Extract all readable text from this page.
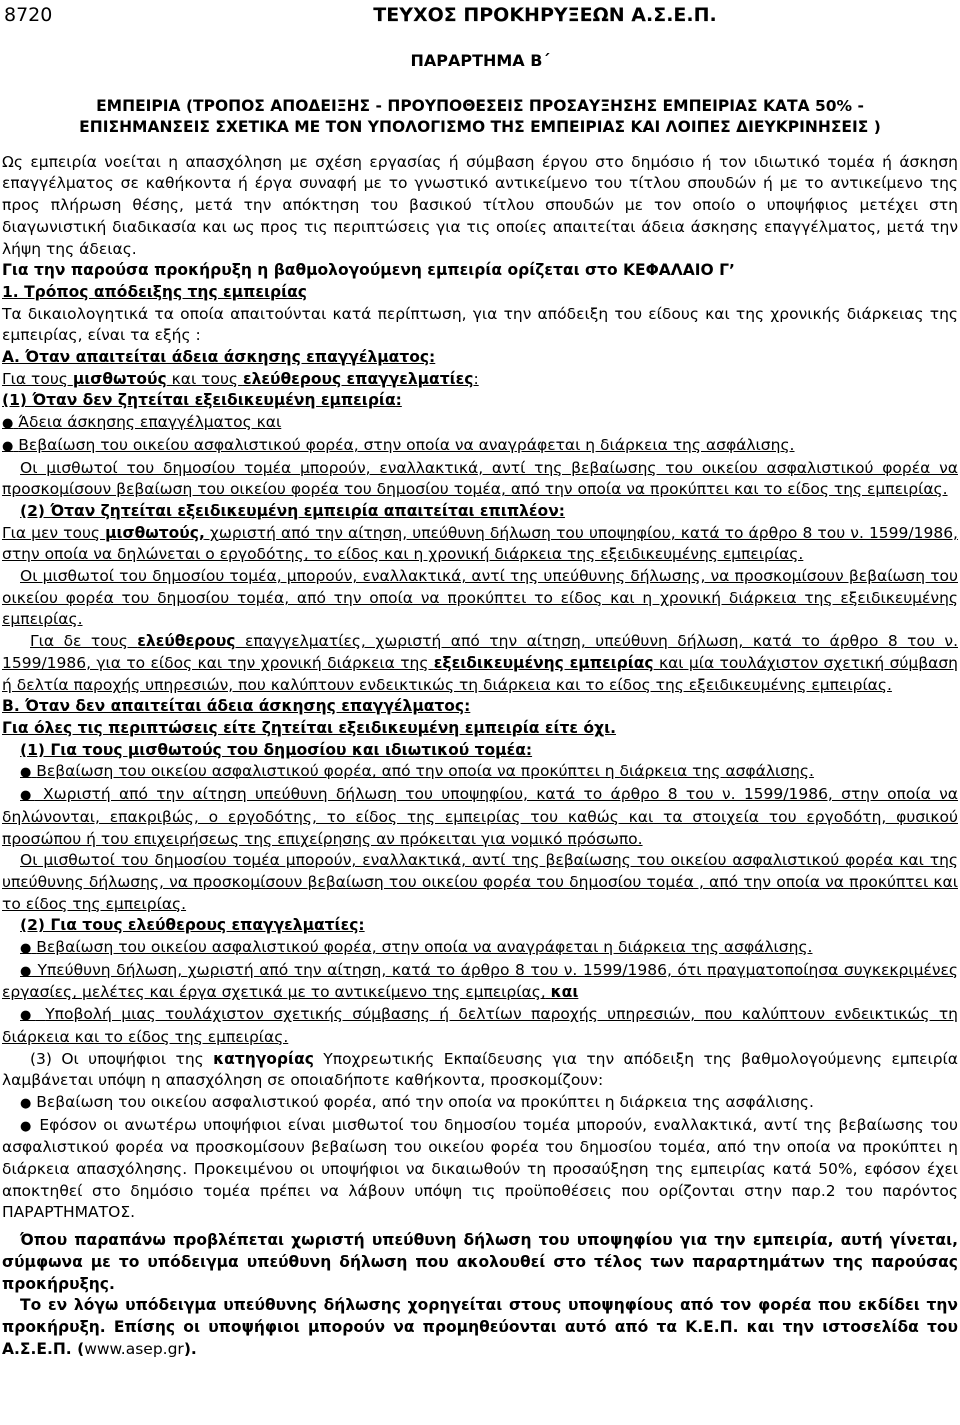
8720	ΤΕΥΧΟΣ ΠΡΟΚΗΡΥΞΕΩΝ Α.Σ.Ε.Π.
ΠΑΡΑΡΤΗΜΑ Β΄
ΕΜΠΕΙΡΙΑ (ΤΡΟΠΟΣ ΑΠΟΔΕΙΞΗΣ - ΠΡΟΥΠΟΘΕΣΕΙΣ ΠΡΟΣΑΥΞΗΣΗΣ ΕΜΠΕΙΡΙΑΣ ΚΑΤΑ 50% -
ΕΠΙΣΗΜΑΝΣΕΙΣ ΣΧΕΤΙΚΑ ΜΕ ΤΟΝ ΥΠΟΛΟΓΙΣΜΟ ΤΗΣ ΕΜΠΕΙΡΙΑΣ ΚΑΙ ΛΟΙΠΕΣ ΔΙΕΥΚΡΙΝΗΣΕΙΣ )

Ως εμπειρία νοείται η απασχόληση με σχέση εργασίας ή σύμβαση έργου στο δημόσιο ή τον ιδιωτικό τομέα ή άσκηση επαγγέλματος σε καθήκοντα ή έργα συναφή με το γνωστικό αντικείμενο του τίτλου σπουδών ή με το αντικείμενο της προς πλήρωση θέσης, μετά την απόκτηση του βασικού τίτλου σπουδών με τον οποίο ο υποψήφιος μετέχει στη διαγωνιστική διαδικασία και ως προς τις περιπτώσεις για τις οποίες απαιτείται άδεια άσκησης επαγγέλματος, μετά την λήψη της άδειας.

Για την παρούσα προκήρυξη η βαθμολογούμενη εμπειρία ορίζεται στο ΚΕΦΑΛΑΙΟ Γ’

1. Τρόπος απόδειξης της εμπειρίας

Τα δικαιολογητικά τα οποία απαιτούνται κατά περίπτωση, για την απόδειξη του είδους και της χρονικής διάρκειας της εμπειρίας, είναι τα εξής :

Α. Όταν απαιτείται άδεια άσκησης επαγγέλματος:

Για τους μισθωτούς και τους ελεύθερους επαγγελματίες:

(1) Όταν δεν ζητείται εξειδικευμένη εμπειρία:

● Άδεια άσκησης επαγγέλματος και

● Βεβαίωση του οικείου ασφαλιστικού φορέα, στην οποία να αναγράφεται η διάρκεια της ασφάλισης.

Οι μισθωτοί του δημοσίου τομέα μπορούν, εναλλακτικά, αντί της βεβαίωσης του οικείου ασφαλιστικού φορέα να προσκομίσουν βεβαίωση του οικείου φορέα του δημοσίου τομέα, από την οποία να προκύπτει και το είδος της εμπειρίας.

(2) Όταν ζητείται εξειδικευμένη εμπειρία απαιτείται επιπλέον:

Για μεν τους μισθωτούς, χωριστή από την αίτηση, υπεύθυνη δήλωση του υποψηφίου, κατά το άρθρο 8 του ν. 1599/1986, στην οποία να δηλώνεται ο εργοδότης, το είδος και η χρονική διάρκεια της εξειδικευμένης εμπειρίας.

Οι μισθωτοί του δημοσίου τομέα, μπορούν, εναλλακτικά, αντί της υπεύθυνης δήλωσης, να προσκομίσουν βεβαίωση του οικείου φορέα του δημοσίου τομέα, από την οποία να προκύπτει το είδος και η χρονική διάρκεια της εξειδικευμένης εμπειρίας.

Για δε τους ελεύθερους επαγγελματίες, χωριστή από την αίτηση, υπεύθυνη δήλωση, κατά το άρθρο 8 του ν. 1599/1986, για το είδος και την χρονική διάρκεια της εξειδικευμένης εμπειρίας και μία τουλάχιστον σχετική σύμβαση ή δελτία παροχής υπηρεσιών, που καλύπτουν ενδεικτικώς τη διάρκεια και το είδος της εξειδικευμένης εμπειρίας.

Β. Όταν δεν απαιτείται άδεια άσκησης επαγγέλματος:

Για όλες τις περιπτώσεις είτε ζητείται εξειδικευμένη εμπειρία είτε όχι.

(1) Για τους μισθωτούς του δημοσίου και ιδιωτικού τομέα:

● Βεβαίωση του οικείου ασφαλιστικού φορέα, από την οποία να προκύπτει η διάρκεια της ασφάλισης.

● Χωριστή από την αίτηση υπεύθυνη δήλωση του υποψηφίου, κατά το άρθρο 8 του ν. 1599/1986, στην οποία να δηλώνονται, επακριβώς, ο εργοδότης, το είδος της εμπειρίας του καθώς και τα στοιχεία του εργοδότη, φυσικού προσώπου ή του επιχειρήσεως της επιχείρησης αν πρόκειται για νομικό πρόσωπο.

Οι μισθωτοί του δημοσίου τομέα μπορούν, εναλλακτικά, αντί της βεβαίωσης του οικείου ασφαλιστικού φορέα και της υπεύθυνης δήλωσης, να προσκομίσουν βεβαίωση του οικείου φορέα του δημοσίου τομέα , από την οποία να προκύπτει και το είδος της εμπειρίας.

(2) Για τους ελεύθερους επαγγελματίες:

● Βεβαίωση του οικείου ασφαλιστικού φορέα, στην οποία να αναγράφεται η διάρκεια της ασφάλισης.

● Υπεύθυνη δήλωση, χωριστή από την αίτηση, κατά το άρθρο 8 του ν. 1599/1986, ότι πραγματοποίησα συγκεκριμένες εργασίες, μελέτες και έργα σχετικά με το αντικείμενο της εμπειρίας, και

● Υποβολή μιας τουλάχιστον σχετικής σύμβασης ή δελτίων παροχής υπηρεσιών, που καλύπτουν ενδεικτικώς τη διάρκεια και το είδος της εμπειρίας.

(3) Οι υποψήφιοι της κατηγορίας Υποχρεωτικής Εκπαίδευσης για την απόδειξη της βαθμολογούμενης εμπειρία λαμβάνεται υπόψη η απασχόληση σε οποιαδήποτε καθήκοντα, προσκομίζουν:

● Βεβαίωση του οικείου ασφαλιστικού φορέα, από την οποία να προκύπτει η διάρκεια της ασφάλισης.

● Εφόσον οι ανωτέρω υποψήφιοι είναι μισθωτοί του δημοσίου τομέα μπορούν, εναλλακτικά, αντί της βεβαίωσης του ασφαλιστικού φορέα να προσκομίσουν βεβαίωση του οικείου φορέα του δημοσίου τομέα, από την οποία να προκύπτει η διάρκεια απασχόλησης. Προκειμένου οι υποψήφιοι να δικαιωθούν τη προσαύξηση της εμπειρίας κατά 50%, εφόσον έχει αποκτηθεί στο δημόσιο τομέα πρέπει να λάβουν υπόψη τις προϋποθέσεις που ορίζονται στην παρ.2 του παρόντος ΠΑΡΑΡΤΗΜΑΤΟΣ.

Όπου παραπάνω προβλέπεται χωριστή υπεύθυνη δήλωση του υποψηφίου για την εμπειρία, αυτή γίνεται, σύμφωνα με το υπόδειγμα υπεύθυνη δήλωση που ακολουθεί στο τέλος των παραρτημάτων της παρούσας προκήρυξης.

Το εν λόγω υπόδειγμα υπεύθυνης δήλωσης χορηγείται στους υποψηφίους από τον φορέα που εκδίδει την προκήρυξη. Επίσης οι υποψήφιοι μπορούν να προμηθεύονται αυτό από τα Κ.Ε.Π. και την ιστοσελίδα του Α.Σ.Ε.Π. (www.asep.gr).
